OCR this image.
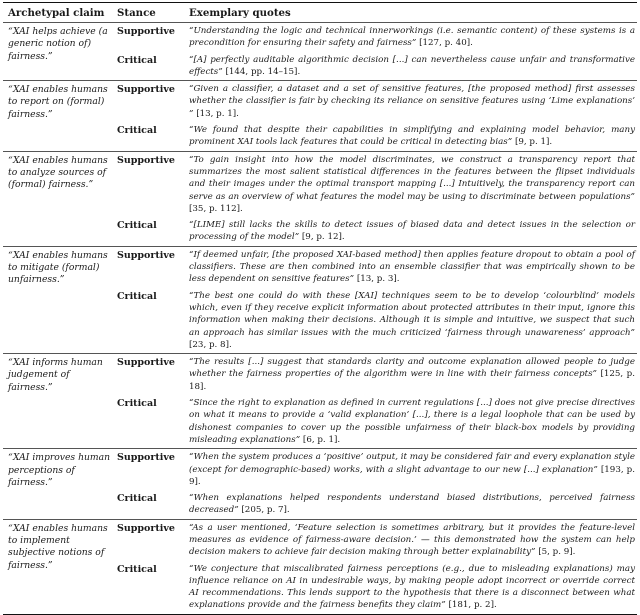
Archetypal claim	Stance	Exemplary quotes
“XAI helps achieve (a generic notion of) fairness.”
Supportive	“Understanding the logic and technical innerworkings (i.e. semantic content) of these systems is a precondition for ensuring their safety and fairness” [127, p. 40].
Critical	“[A] perfectly auditable algorithmic decision [...] can nevertheless cause unfair and transformative effects” [144, pp. 14–15].
“XAI enables humans to report on (formal) fairness.”
Supportive	“Given a classifier, a dataset and a set of sensitive features, [the proposed method] first assesses whether the classifier is fair by checking its reliance on sensitive features using ‘Lime explanations’ ” [13, p. 1].
Critical	“We found that despite their capabilities in simplifying and explaining model behavior, many prominent XAI tools lack features that could be critical in detecting bias” [9, p. 1].
“XAI enables humans to analyze sources of (formal) fairness.”
Supportive	“To gain insight into how the model discriminates, we construct a transparency report that summarizes the most salient statistical differences in the features between the flipset individuals and their images under the optimal transport mapping [...] Intuitively, the transparency report can serve as an overview of what features the model may be using to discriminate between populations” [35, p. 112].
Critical	“[LIME] still lacks the skills to detect issues of biased data and detect issues in the selection or processing of the model” [9, p. 12].
“XAI enables humans to mitigate (formal) unfairness.”
Supportive	“If deemed unfair, [the proposed XAI-based method] then applies feature dropout to obtain a pool of classifiers. These are then combined into an ensemble classifier that was empirically shown to be less dependent on sensitive features” [13, p. 3].
Critical	“The best one could do with these [XAI] techniques seem to be to develop ‘colourblind’ models which, even if they receive explicit information about protected attributes in their input, ignore this information when making their decisions. Although it is simple and intuitive, we suspect that such an approach has similar issues with the much criticized ‘fairness through unawareness’ approach” [23, p. 8].
“XAI informs human judgement of fairness.”
Supportive	“The results [...] suggest that standards clarity and outcome explanation allowed people to judge whether the fairness properties of the algorithm were in line with their fairness concepts” [125, p. 18].
Critical	“Since the right to explanation as defined in current regulations [...] does not give precise directives on what it means to provide a ‘valid explanation’ [...], there is a legal loophole that can be used by dishonest companies to cover up the possible unfairness of their black-box models by providing misleading explanations” [6, p. 1].
“XAI improves human perceptions of fairness.”
Supportive	“When the system produces a ‘positive’ output, it may be considered fair and every explanation style (except for demographic-based) works, with a slight advantage to our new [...] explanation” [193, p. 9].
Critical	“When explanations helped respondents understand biased distributions, perceived fairness decreased” [205, p. 7].
“XAI enables humans to implement subjective notions of fairness.”
Supportive	“As a user mentioned, ‘Feature selection is sometimes arbitrary, but it provides the feature-level measures as evidence of fairness-aware decision.’ — this demonstrated how the system can help decision makers to achieve fair decision making through better explainability” [5, p. 9].
Critical	“We conjecture that miscalibrated fairness perceptions (e.g., due to misleading explanations) may influence reliance on AI in undesirable ways, by making people adopt incorrect or override correct AI recommendations. This lends support to the hypothesis that there is a disconnect between what explanations provide and the fairness benefits they claim” [181, p. 2].
